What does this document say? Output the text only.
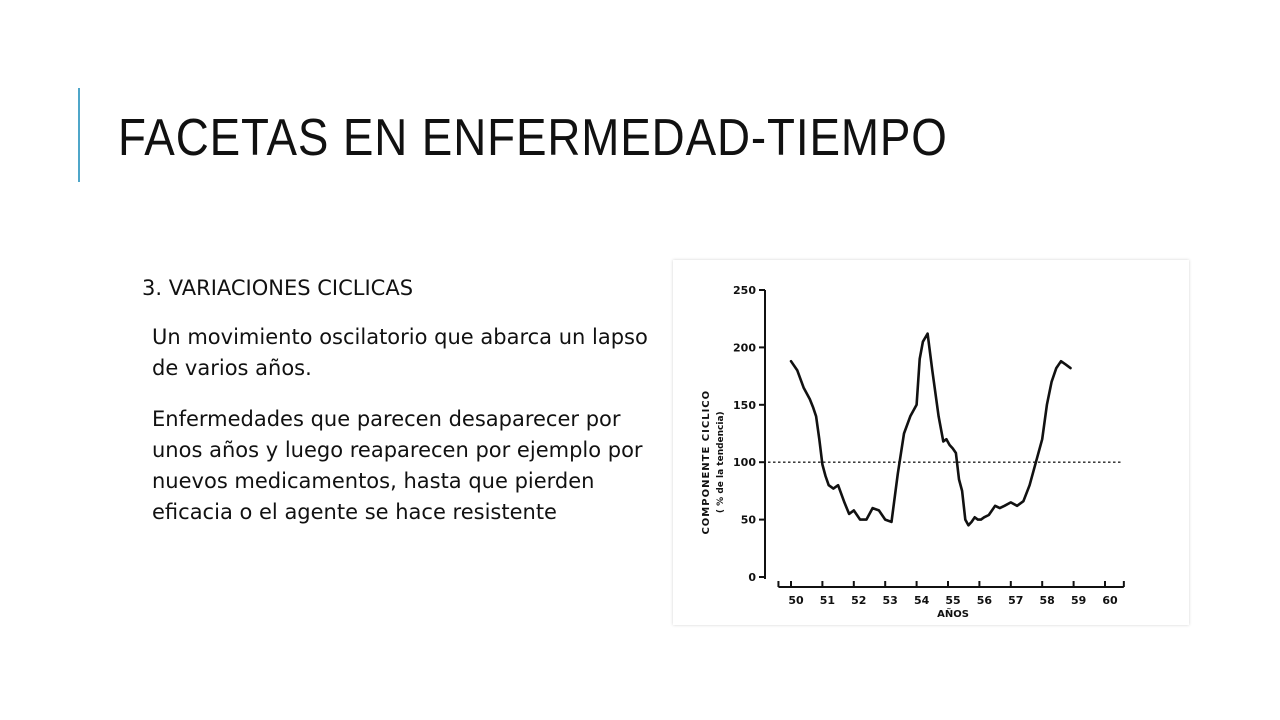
FACETAS EN ENFERMEDAD-TIEMPO

3. VARIACIONES CICLICAS

Un movimiento oscilatorio que abarca un lapso de varios años.

Enfermedades que parecen desaparecer por unos años y luego reaparecen por ejemplo por nuevos medicamentos, hasta que pierden eficacia o el agente se hace resistente

0
50
100
150
200
250
50 51 52 53 54 55 56 57 58 59 60
AÑOS
COMPONENTE CICLICO ( % de la tendencia)
